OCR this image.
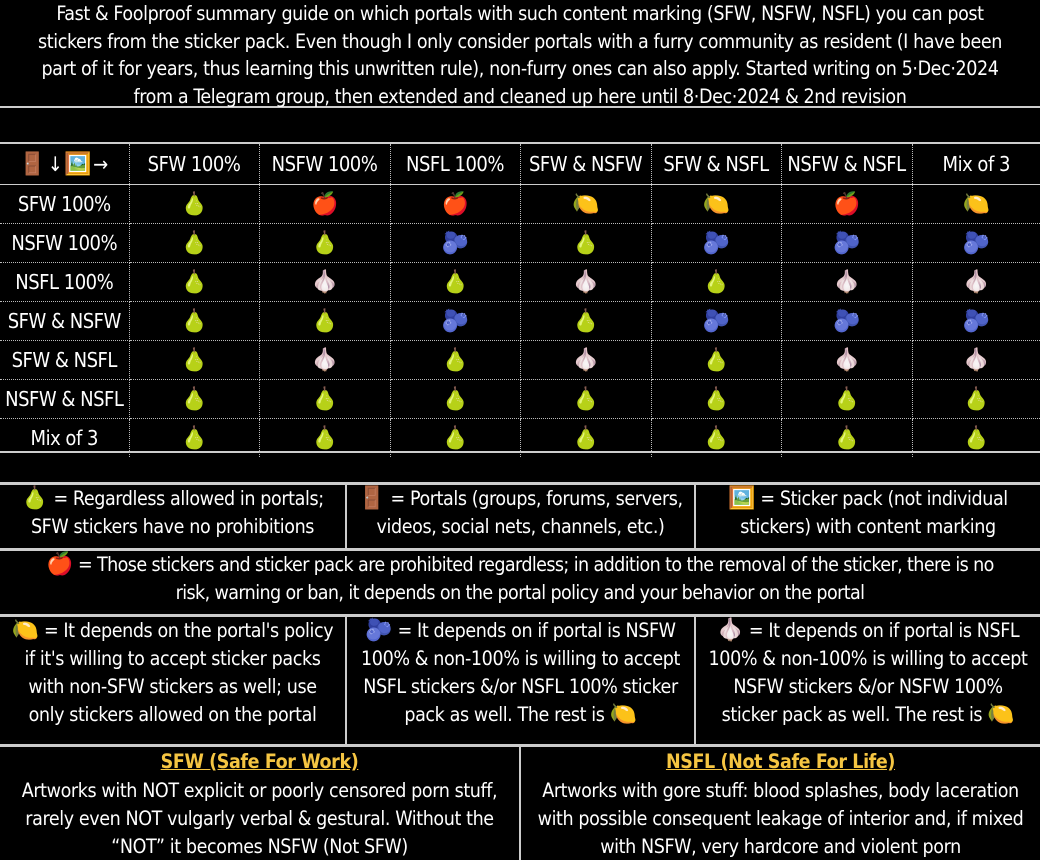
Fast & Foolproof summary guide on which portals with such content marking (SFW, NSFW, NSFL) you can post
stickers from the sticker pack. Even though I only consider portals with a furry community as resident (I have been
part of it for years, thus learning this unwritten rule), non-furry ones can also apply. Started writing on 5·Dec·2024
from a Telegram group, then extended and cleaned up here until 8·Dec·2024 & 2nd revision
🚪 ↓🖼️ →	SFW 100%	NSFW 100%	NSFL 100%	SFW & NSFW	SFW & NSFL	NSFW & NSFL	Mix of 3
SFW 100%	🍐	🍎	🍎	🍋	🍋	🍎	🍋
NSFW 100%	🍐	🍐	🫐	🍐	🫐	🫐	🫐
NSFL 100%	🍐	🧄	🍐	🧄	🍐	🧄	🧄
SFW & NSFW	🍐	🍐	🫐	🍐	🫐	🫐	🫐
SFW & NSFL	🍐	🧄	🍐	🧄	🍐	🧄	🧄
NSFW & NSFL	🍐	🍐	🍐	🍐	🍐	🍐	🍐
Mix of 3	🍐	🍐	🍐	🍐	🍐	🍐	🍐
🍐 = Regardless allowed in portals;
SFW stickers have no prohibitions
🚪 = Portals (groups, forums, servers,
videos, social nets, channels, etc.)
🖼️ = Sticker pack (not individual
stickers) with content marking
🍎 = Those stickers and sticker pack are prohibited regardless; in addition to the removal of the sticker, there is no
risk, warning or ban, it depends on the portal policy and your behavior on the portal
🍋 = It depends on the portal's policy
if it's willing to accept sticker packs
with non-SFW stickers as well; use
only stickers allowed on the portal
🫐 = It depends on if portal is NSFW
100% & non-100% is willing to accept
NSFL stickers &/or NSFL 100% sticker
pack as well. The rest is 🍋
🧄 = It depends on if portal is NSFL
100% & non-100% is willing to accept
NSFW stickers &/or NSFW 100%
sticker pack as well. The rest is 🍋
SFW (Safe For Work)
Artworks with NOT explicit or poorly censored porn stuff,
rarely even NOT vulgarly verbal & gestural. Without the
“NOT” it becomes NSFW (Not SFW)
NSFL (Not Safe For Life)
Artworks with gore stuff: blood splashes, body laceration
with possible consequent leakage of interior and, if mixed
with NSFW, very hardcore and violent porn
